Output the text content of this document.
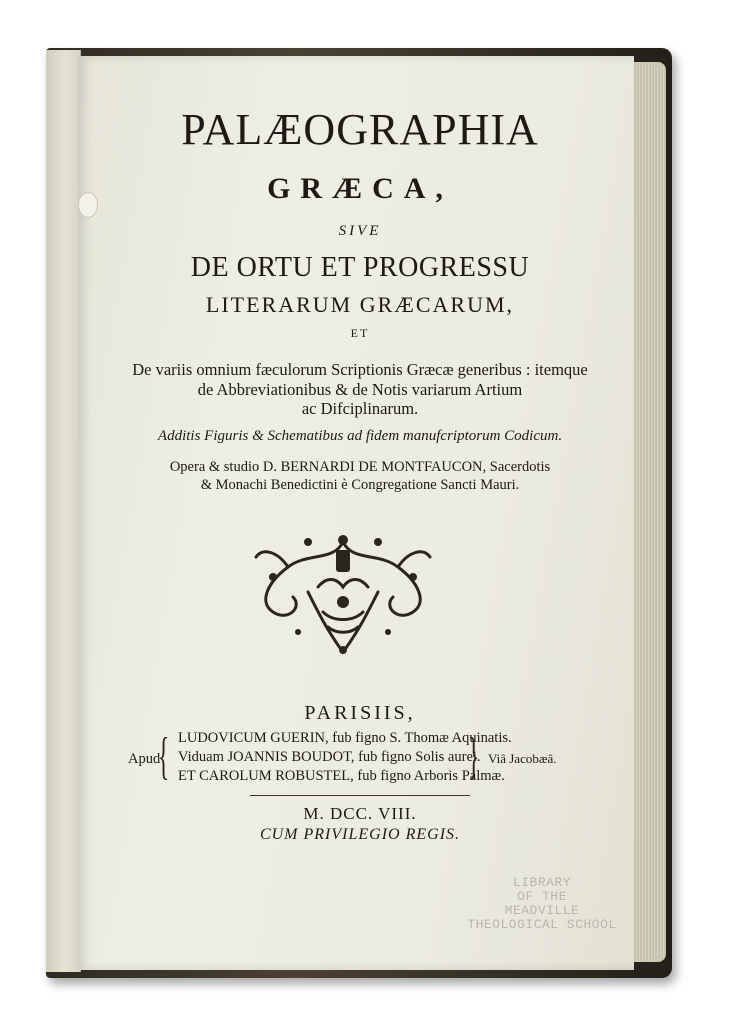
PALÆOGRAPHIA
GRÆCA,
SIVE
DE ORTU ET PROGRESSU
LITERARUM GRÆCARUM,
ET
De variis omnium fæculorum Scriptionis Græcæ generibus : itemque
de Abbreviationibus & de Notis variarum Artium
ac Difciplinarum.
Additis Figuris & Schematibus ad fidem manufcriptorum Codicum.
Opera & studio D. BERNARDI DE MONTFAUCON, Sacerdotis
& Monachi Benedictini è Congregatione Sancti Mauri.
PARISIIS,
Apud
{ LUDOVICUM GUERIN, fub figno S. Thomæ Aquinatis.
Viduam JOANNIS BOUDOT, fub figno Solis aurei.
ET CAROLUM ROBUSTEL, fub figno Arboris Palmæ.
} Viâ Jacobæâ.
M. DCC. VIII.
CUM PRIVILEGIO REGIS.
LIBRARY
OF THE
MEADVILLE
THEOLOGICAL SCHOOL
